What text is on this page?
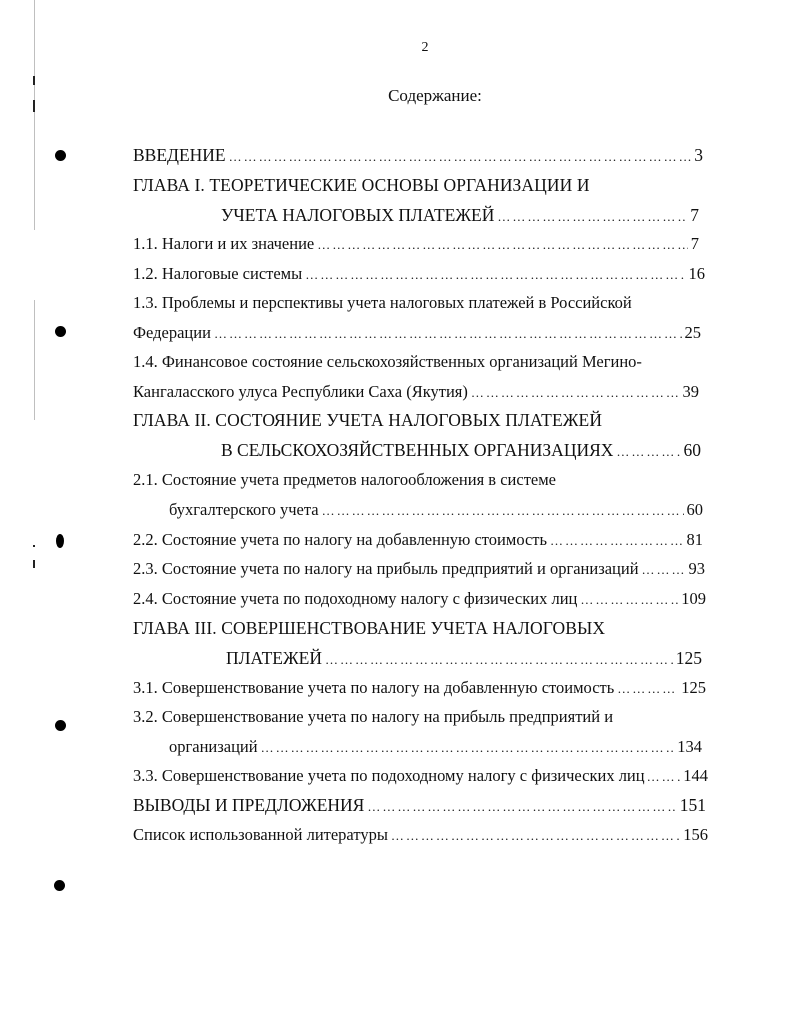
2
Содержание:
ВВЕДЕНИЕ ……………………………………………………………………………………………………………………………………………………	3
ГЛАВА I. ТЕОРЕТИЧЕСКИЕ ОСНОВЫ ОРГАНИЗАЦИИ И
УЧЕТА НАЛОГОВЫХ ПЛАТЕЖЕЙ ……………………………………………………………………………………………………………………………………………………	7
1.1. Налоги и их значение ……………………………………………………………………………………………………………………………………………………	7
1.2. Налоговые системы ……………………………………………………………………………………………………………………………………………………	16
1.3. Проблемы и перспективы учета налоговых платежей в Российской
Федерации ……………………………………………………………………………………………………………………………………………………	25
1.4. Финансовое состояние сельскохозяйственных организаций Мегино-
Кангаласского улуса Республики Саха (Якутия) ……………………………………………………………………………………………………………………………………………………	39
ГЛАВА II. СОСТОЯНИЕ УЧЕТА НАЛОГОВЫХ ПЛАТЕЖЕЙ
В СЕЛЬСКОХОЗЯЙСТВЕННЫХ ОРГАНИЗАЦИЯХ ……………………………………………………………………………………………………………………………………………………	60
2.1. Состояние учета предметов налогообложения в системе
бухгалтерского учета ……………………………………………………………………………………………………………………………………………………	60
2.2. Состояние учета по налогу на добавленную стоимость ……………………………………………………………………………………………………………………………………………………	81
2.3. Состояние учета по налогу на прибыль предприятий и организаций ……………………………………………………………………………………………………………………………………………………	93
2.4. Состояние учета по подоходному налогу с физических лиц ……………………………………………………………………………………………………………………………………………………	109
ГЛАВА III. СОВЕРШЕНСТВОВАНИЕ УЧЕТА НАЛОГОВЫХ
ПЛАТЕЖЕЙ ……………………………………………………………………………………………………………………………………………………	125
3.1. Совершенствование учета по налогу на добавленную стоимость ……………………………………………………………………………………………………………………………………………………	125
3.2. Совершенствование учета по налогу на прибыль предприятий и
организаций ……………………………………………………………………………………………………………………………………………………	134
3.3. Совершенствование учета по подоходному налогу с физических лиц …………………………………………………………………………………………………………………………………………………… 144
ВЫВОДЫ И ПРЕДЛОЖЕНИЯ ……………………………………………………………………………………………………………………………………………………	151
Список использованной литературы ……………………………………………………………………………………………………………………………………………………	156
